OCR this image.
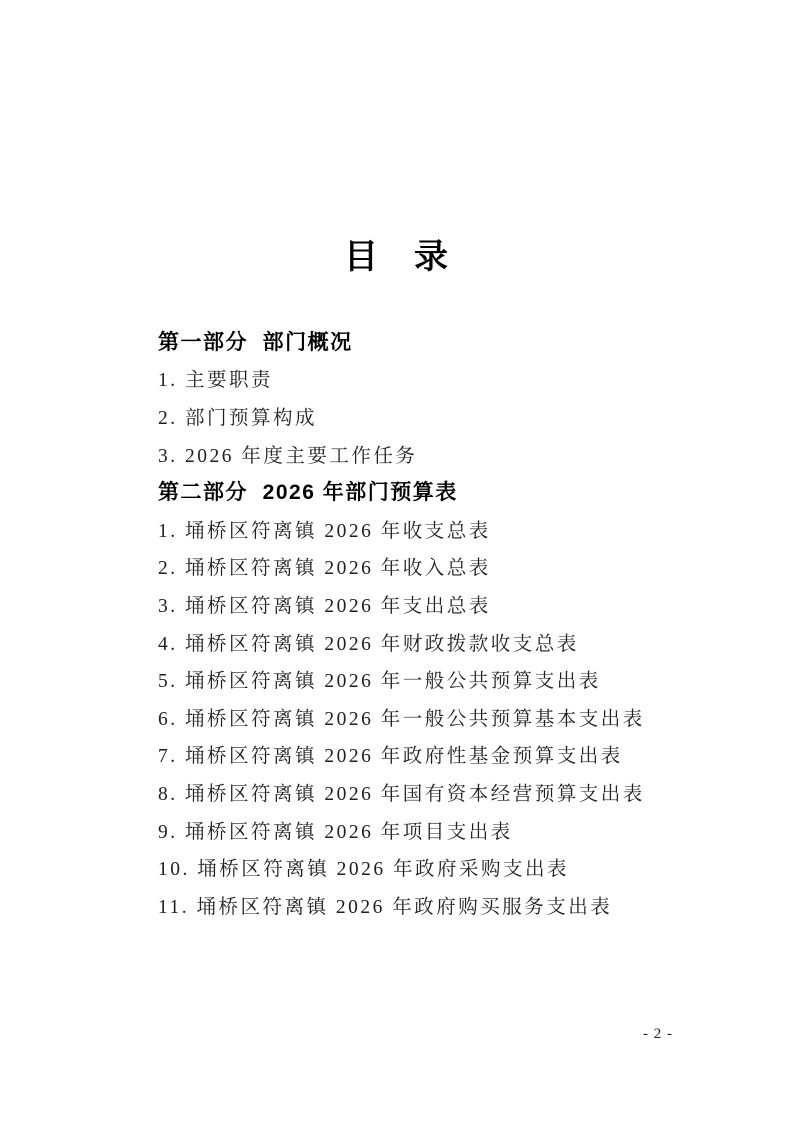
目　录
第一部分  部门概况
1. 主要职责
2. 部门预算构成
3. 2026 年度主要工作任务
第二部分  2026 年部门预算表
1. 埇桥区符离镇 2026 年收支总表
2. 埇桥区符离镇 2026 年收入总表
3. 埇桥区符离镇 2026 年支出总表
4. 埇桥区符离镇 2026 年财政拨款收支总表
5. 埇桥区符离镇 2026 年一般公共预算支出表
6. 埇桥区符离镇 2026 年一般公共预算基本支出表
7. 埇桥区符离镇 2026 年政府性基金预算支出表
8. 埇桥区符离镇 2026 年国有资本经营预算支出表
9. 埇桥区符离镇 2026 年项目支出表
10. 埇桥区符离镇 2026 年政府采购支出表
11. 埇桥区符离镇 2026 年政府购买服务支出表
- 2 -
